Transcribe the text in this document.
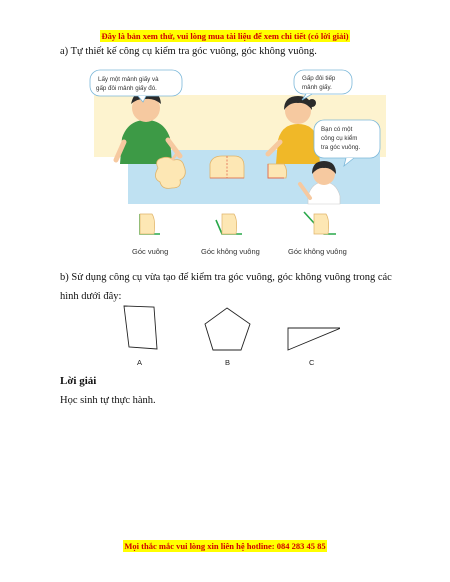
Đây là bản xem thử, vui lòng mua tài liệu để xem chi tiết (có lời giải)
a) Tự thiết kế công cụ kiểm tra góc vuông, góc không vuông.
Lấy một mảnh giấy và
gấp đôi mảnh giấy đó.
Gấp đôi tiếp
mảnh giấy.
Bạn có một
công cụ kiểm
tra góc vuông.
Góc vuông	Góc không vuông	Góc không vuông
b) Sử dụng công cụ vừa tạo để kiểm tra góc vuông, góc không vuông trong các hình dưới đây:
A	B	C
Lời giải
Học sinh tự thực hành.
Mọi thắc mắc vui lòng xin liên hệ hotline: 084 283 45 85
